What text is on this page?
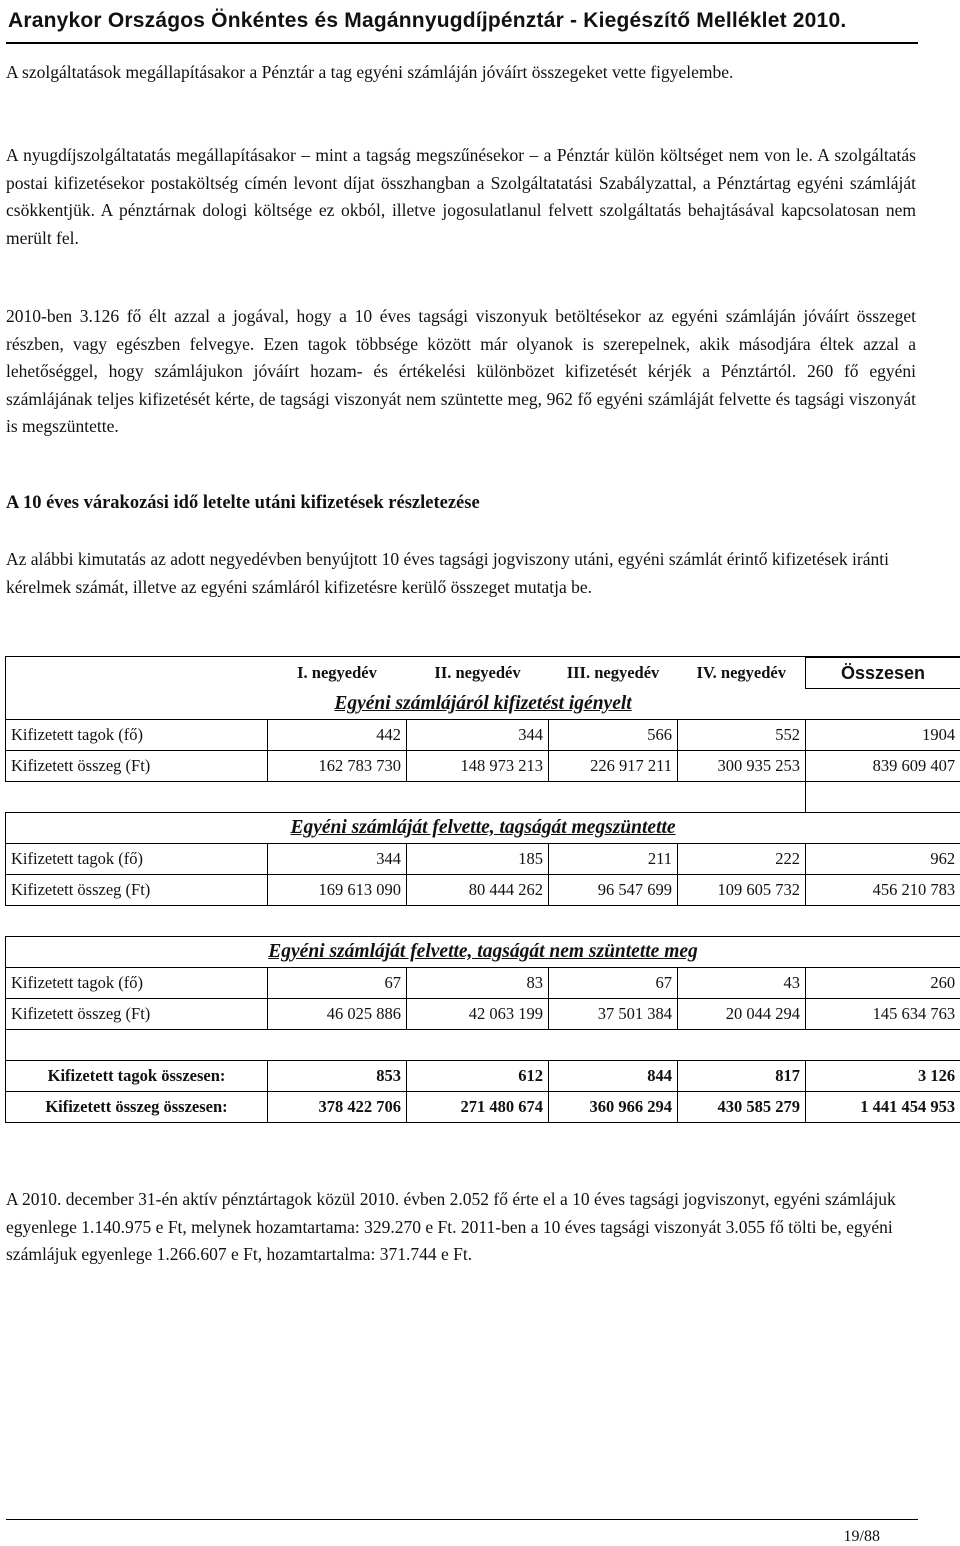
Aranykor Országos Önkéntes és Magánnyugdíjpénztár - Kiegészítő Melléklet 2010.

A szolgáltatások megállapításakor a Pénztár a tag egyéni számláján jóváírt összegeket vette figyelembe.

A nyugdíjszolgáltatatás megállapításakor – mint a tagság megszűnésekor – a Pénztár külön költséget nem von le. A szolgáltatás postai kifizetésekor postaköltség címén levont díjat összhangban a Szolgáltatatási Szabályzattal, a Pénztártag egyéni számláját csökkentjük. A pénztárnak dologi költsége ez okból, illetve jogosulatlanul felvett szolgáltatás behajtásával kapcsolatosan nem merült fel.

2010-ben 3.126 fő élt azzal a jogával, hogy a 10 éves tagsági viszonyuk betöltésekor az egyéni számláján jóváírt összeget részben, vagy egészben felvegye. Ezen tagok többsége között már olyanok is szerepelnek, akik másodjára éltek azzal a lehetőséggel, hogy számlájukon jóváírt hozam- és értékelési különbözet kifizetését kérjék a Pénztártól. 260 fő egyéni számlájának teljes kifizetését kérte, de tagsági viszonyát nem szüntette meg, 962 fő egyéni számláját felvette és tagsági viszonyát is megszüntette.

A 10 éves várakozási idő letelte utáni kifizetések részletezése

Az alábbi kimutatás az adott negyedévben benyújtott 10 éves tagsági jogviszony utáni, egyéni számlát érintő kifizetések iránti kérelmek számát, illetve az egyéni számláról kifizetésre kerülő összeget mutatja be.

	I. negyedév	II. negyedév	III. negyedév	IV. negyedév	Összesen
Egyéni számlájáról kifizetést igényelt					
Kifizetett tagok (fő)	442	344	566	552	1904
Kifizetett összeg (Ft)	162 783 730	148 973 213	226 917 211	300 935 253	839 609 407

Egyéni számláját felvette, tagságát megszüntette					
Kifizetett tagok (fő)	344	185	211	222	962
Kifizetett összeg (Ft)	169 613 090	80 444 262	96 547 699	109 605 732	456 210 783

Egyéni számláját felvette, tagságát nem szüntette meg					
Kifizetett tagok (fő)	67	83	67	43	260
Kifizetett összeg (Ft)	46 025 886	42 063 199	37 501 384	20 044 294	145 634 763

Kifizetett tagok összesen:	853	612	844	817	3 126
Kifizetett összeg összesen:	378 422 706	271 480 674	360 966 294	430 585 279	1 441 454 953

A 2010. december 31-én aktív pénztártagok közül 2010. évben 2.052 fő érte el a 10 éves tagsági jogviszonyt, egyéni számlájuk egyenlege 1.140.975 e Ft, melynek hozamtartama: 329.270 e Ft. 2011-ben a 10 éves tagsági viszonyát 3.055 fő tölti be, egyéni számlájuk egyenlege 1.266.607 e Ft, hozamtartalma: 371.744 e Ft.

19/88
